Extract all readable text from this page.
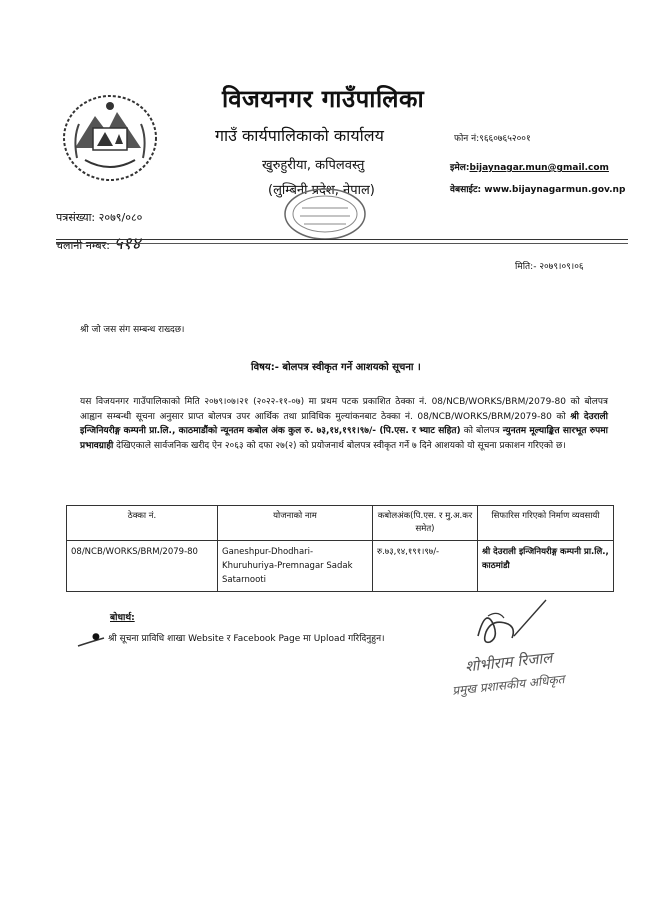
विजयनगर गाउँपालिका
गाउँ कार्यपालिकाको कार्यालय
खुरुहुरीया, कपिलवस्तु
(लुम्बिनी प्रदेश, नेपाल)
फोन नं:९६६०७६५२००१
इमेल:bijaynagar.mun@gmail.com
वेबसाईट: www.bijaynagarmun.gov.np
पत्रसंख्या: २०७९/०८०
चलानी नम्बर: ५१४
मिति:- २०७९।०९।०६
श्री जो जस संग सम्बन्ध राख्दछ।
विषय:- बोलपत्र स्वीकृत गर्ने आशयको सूचना ।
यस विजयनगर गाउँपालिकाको मिति २०७९।०७।२१ (२०२२-११-०७) मा प्रथम पटक प्रकाशित ठेक्का नं. 08/NCB/WORKS/BRM/2079-80 को बोलपत्र आह्वान सम्बन्धी सूचना अनुसार प्राप्त बोलपत्र उपर आर्थिक तथा प्राविधिक मुल्यांकनबाट ठेक्का नं. 08/NCB/WORKS/BRM/2079-80 को श्री देउराली इन्जिनियरीङ्ग कम्पनी प्रा.लि., काठमाडौंको न्यूनतम कबोल अंक कुल रु. ७३,१४,१९१।९७/- (पि.एस. र भ्याट सहित) को बोलपत्र न्युनतम मूल्याङ्कित सारभूत रुपमा प्रभावग्राही देखिएकाले सार्वजनिक खरीद ऐन २०६३ को दफा २७(२) को प्रयोजनार्थ बोलपत्र स्वीकृत गर्ने ७ दिने आशयको यो सूचना प्रकाशन गरिएको छ।
ठेक्का नं.	योजनाको नाम	कबोलअंक(पि.एस. र मु.अ.कर समेत)	सिफारिस गरिएको निर्माण व्यवसायी
08/NCB/WORKS/BRM/2079-80	Ganeshpur-Dhodhari-Khuruhuriya-Premnagar Sadak Satarnooti	रु.७३,१४,१९१।९७/-	श्री देउराली इन्जिनियरीङ्ग कम्पनी प्रा.लि., काठमांडौ
बोधार्थ:
● श्री सूचना प्राविधि शाखा Website र Facebook Page मा Upload गरिदिनुहुन।
शोभीराम रिजाल
प्रमुख प्रशासकीय अधिकृत
